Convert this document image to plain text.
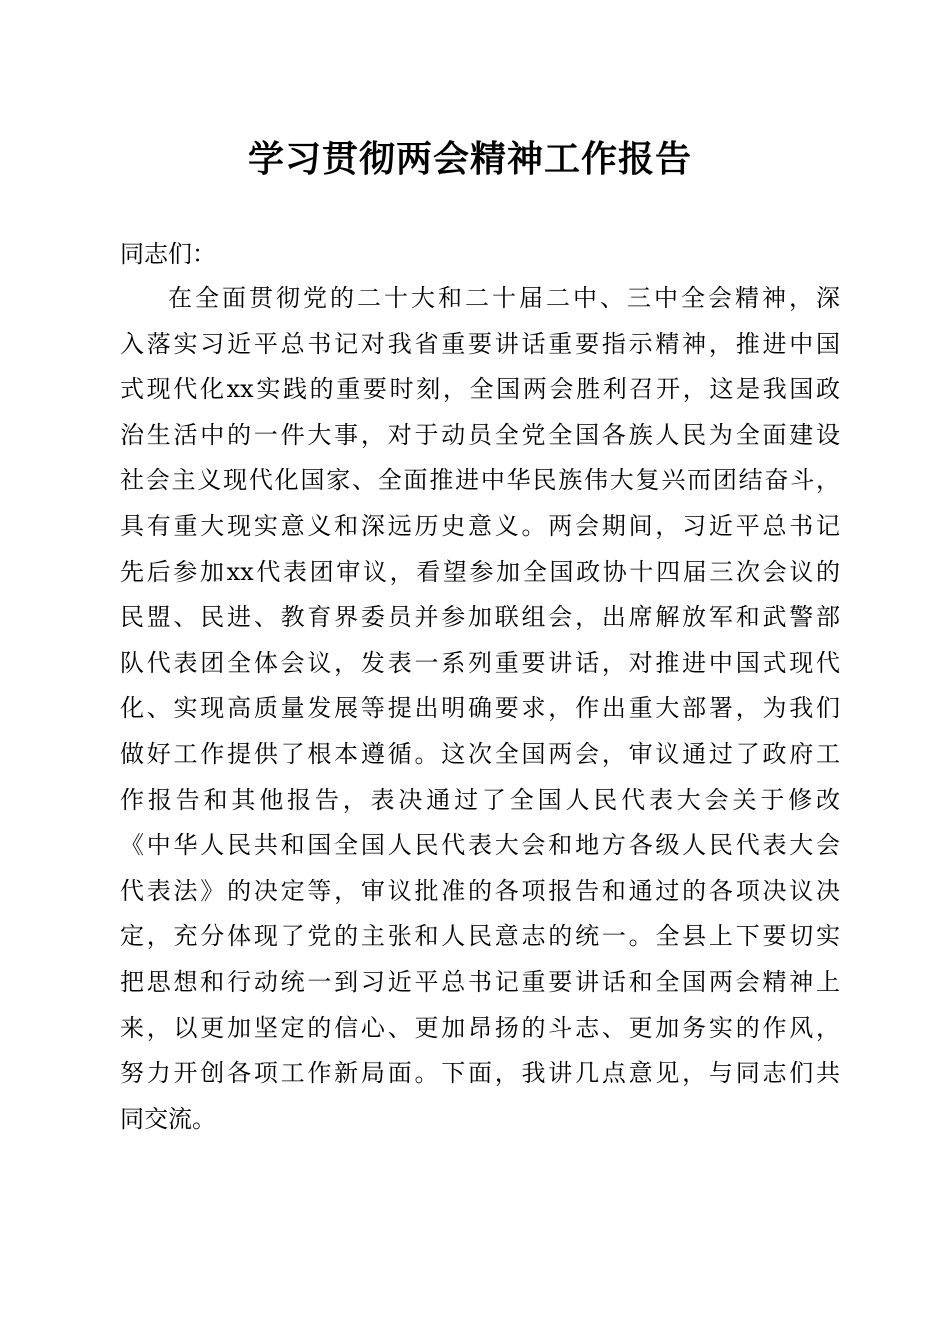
学习贯彻两会精神工作报告
同志们：
在全面贯彻党的二十大和二十届二中、三中全会精神，深
入落实习近平总书记对我省重要讲话重要指示精神，推进中国
式现代化xx实践的重要时刻，全国两会胜利召开，这是我国政
治生活中的一件大事，对于动员全党全国各族人民为全面建设
社会主义现代化国家、全面推进中华民族伟大复兴而团结奋斗，
具有重大现实意义和深远历史意义。两会期间，习近平总书记
先后参加xx代表团审议，看望参加全国政协十四届三次会议的
民盟、民进、教育界委员并参加联组会，出席解放军和武警部
队代表团全体会议，发表一系列重要讲话，对推进中国式现代
化、实现高质量发展等提出明确要求，作出重大部署，为我们
做好工作提供了根本遵循。这次全国两会，审议通过了政府工
作报告和其他报告，表决通过了全国人民代表大会关于修改
《中华人民共和国全国人民代表大会和地方各级人民代表大会
代表法》的决定等，审议批准的各项报告和通过的各项决议决
定，充分体现了党的主张和人民意志的统一。全县上下要切实
把思想和行动统一到习近平总书记重要讲话和全国两会精神上
来，以更加坚定的信心、更加昂扬的斗志、更加务实的作风，
努力开创各项工作新局面。下面，我讲几点意见，与同志们共
同交流。
